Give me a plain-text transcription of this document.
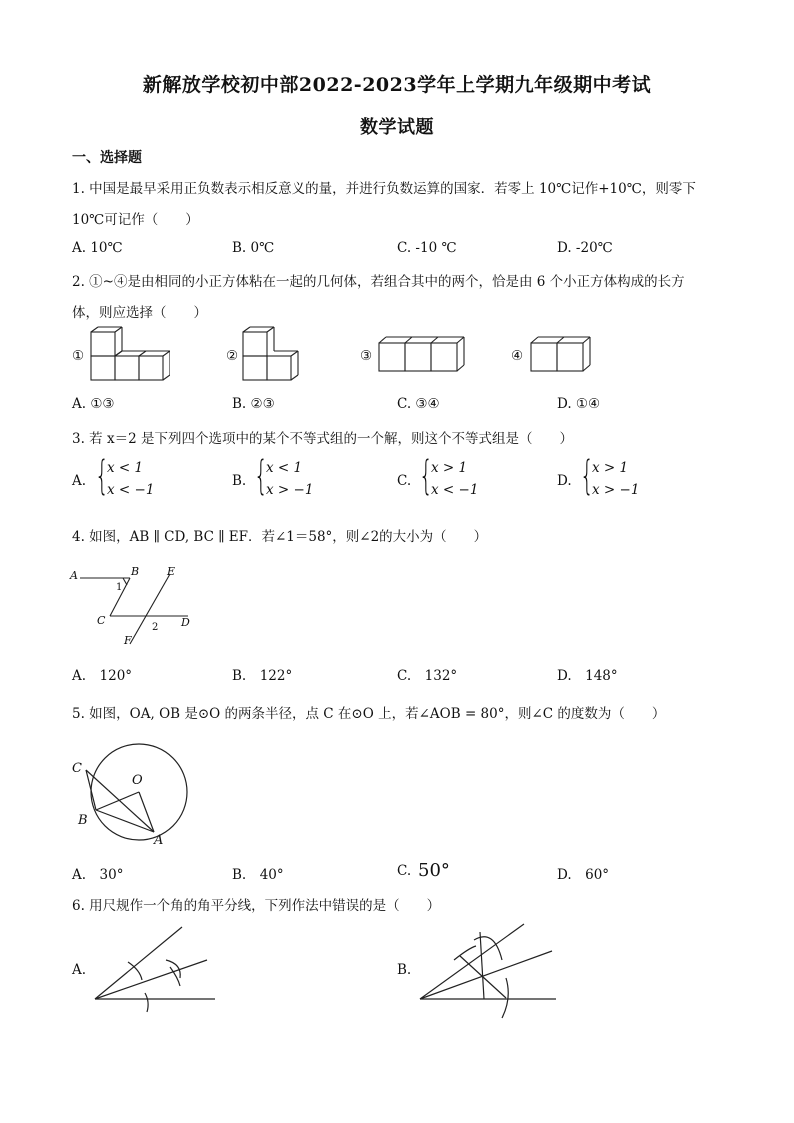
新解放学校初中部2022-2023学年上学期九年级期中考试
数学试题
一、选择题
1. 中国是最早采用正负数表示相反意义的量，并进行负数运算的国家．若零上 10℃记作+10℃，则零下
10℃可记作（　　）
A. 10℃	B. 0℃	C. -10 ℃	D. -20℃
2. ①~④是由相同的小正方体粘在一起的几何体，若组合其中的两个，恰是由 6 个小正方体构成的长方
体，则应选择（　　）
①	②	③	④
A. ①③	B. ②③	C. ③④	D. ①④
3. 若 x＝2 是下列四个选项中的某个不等式组的一个解，则这个不等式组是（　　）
A. {
x < 1
x < −1
B. {
x < 1
x > −1
C. {
x > 1
x < −1
D. {
x > 1
x > −1
4. 如图，AB ∥ CD, BC ∥ EF．若∠1＝58°，则∠2的大小为（　　）
A	B	E
C	D
F
1
2
A.　120°	B.　122°	C.　132°	D.　148°
5. 如图，OA, OB 是⊙O 的两条半径，点 C 在⊙O 上，若∠AOB = 80°，则∠C 的度数为（　　）
C
O
B
A
A.　30°	B.　40°	C. 50°	D.　60°
6. 用尺规作一个角的角平分线，下列作法中错误的是（　　）
A.	B.
